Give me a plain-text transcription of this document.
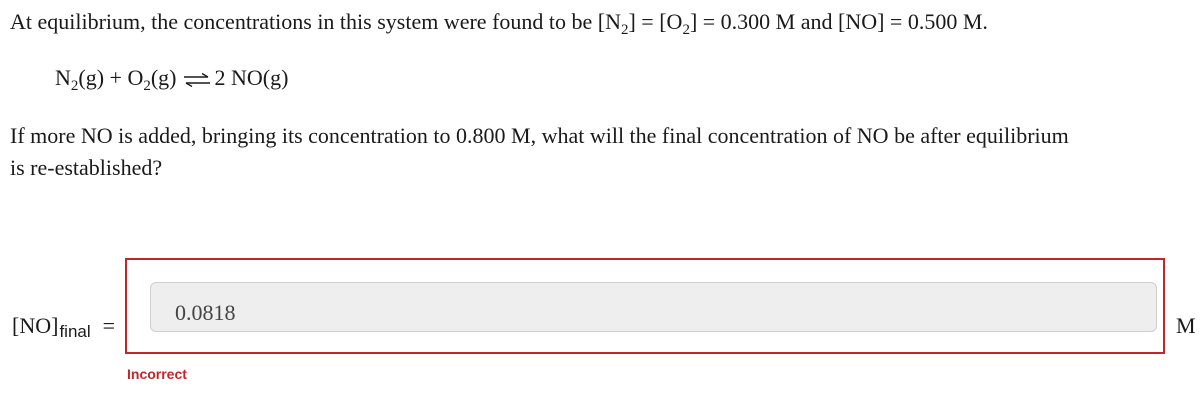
At equilibrium, the concentrations in this system were found to be $[N_2] = [O_2] = 0.300$ M and [NO] = 0.500 M.
$N_2(g) + O_2(g)$ ⇌ 2 NO(g)
If more NO is added, bringing its concentration to 0.800 M, what will the final concentration of NO be after equilibrium
is re-established?
[NO]final =
0.0818	M
Incorrect
